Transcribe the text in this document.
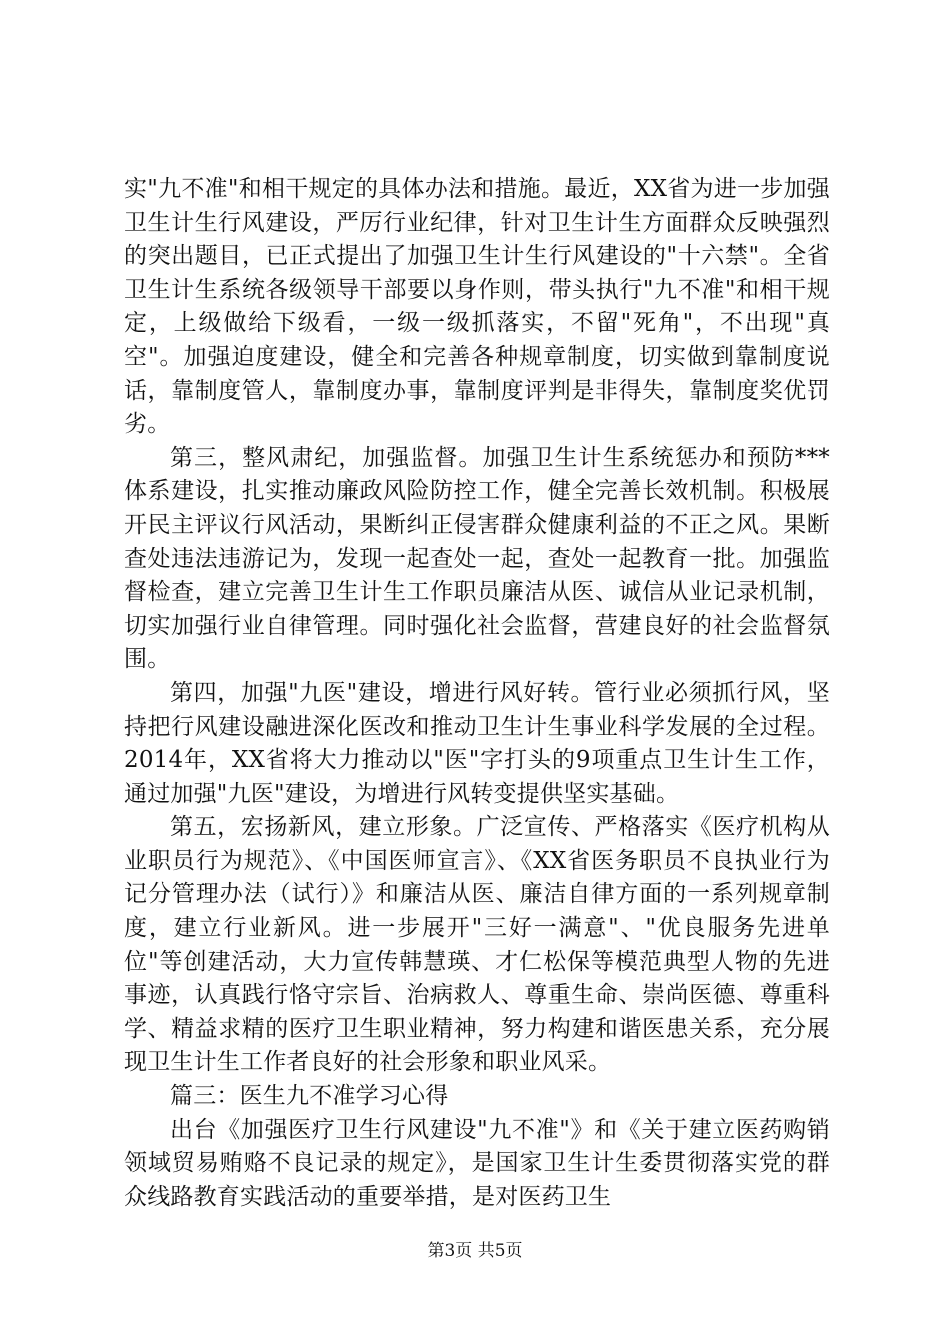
实"九不准"和相干规定的具体办法和措施。最近，XX省为进一步加强卫生计生行风建设，严厉行业纪律，针对卫生计生方面群众反映强烈的突出题目，已正式提出了加强卫生计生行风建设的"十六禁"。全省卫生计生系统各级领导干部要以身作则，带头执行"九不准"和相干规定，上级做给下级看，一级一级抓落实，不留"死角"，不出现"真空"。加强迫度建设，健全和完善各种规章制度，切实做到靠制度说话，靠制度管人，靠制度办事，靠制度评判是非得失，靠制度奖优罚劣。

第三，整风肃纪，加强监督。加强卫生计生系统惩办和预防***体系建设，扎实推动廉政风险防控工作，健全完善长效机制。积极展开民主评议行风活动，果断纠正侵害群众健康利益的不正之风。果断查处违法违游记为，发现一起查处一起，查处一起教育一批。加强监督检查，建立完善卫生计生工作职员廉洁从医、诚信从业记录机制，切实加强行业自律管理。同时强化社会监督，营建良好的社会监督氛围。

第四，加强"九医"建设，增进行风好转。管行业必须抓行风，坚持把行风建设融进深化医改和推动卫生计生事业科学发展的全过程。2014年，XX省将大力推动以"医"字打头的9项重点卫生计生工作，通过加强"九医"建设，为增进行风转变提供坚实基础。

第五，宏扬新风，建立形象。广泛宣传、严格落实《医疗机构从业职员行为规范》、《中国医师宣言》、《XX省医务职员不良执业行为记分管理办法（试行）》和廉洁从医、廉洁自律方面的一系列规章制度，建立行业新风。进一步展开"三好一满意"、"优良服务先进单位"等创建活动，大力宣传韩慧瑛、才仁松保等模范典型人物的先进事迹，认真践行恪守宗旨、治病救人、尊重生命、崇尚医德、尊重科学、精益求精的医疗卫生职业精神，努力构建和谐医患关系，充分展现卫生计生工作者良好的社会形象和职业风采。

篇三：医生九不准学习心得

出台《加强医疗卫生行风建设"九不准"》和《关于建立医药购销领域贸易贿赂不良记录的规定》，是国家卫生计生委贯彻落实党的群众线路教育实践活动的重要举措，是对医药卫生

第3页 共5页
